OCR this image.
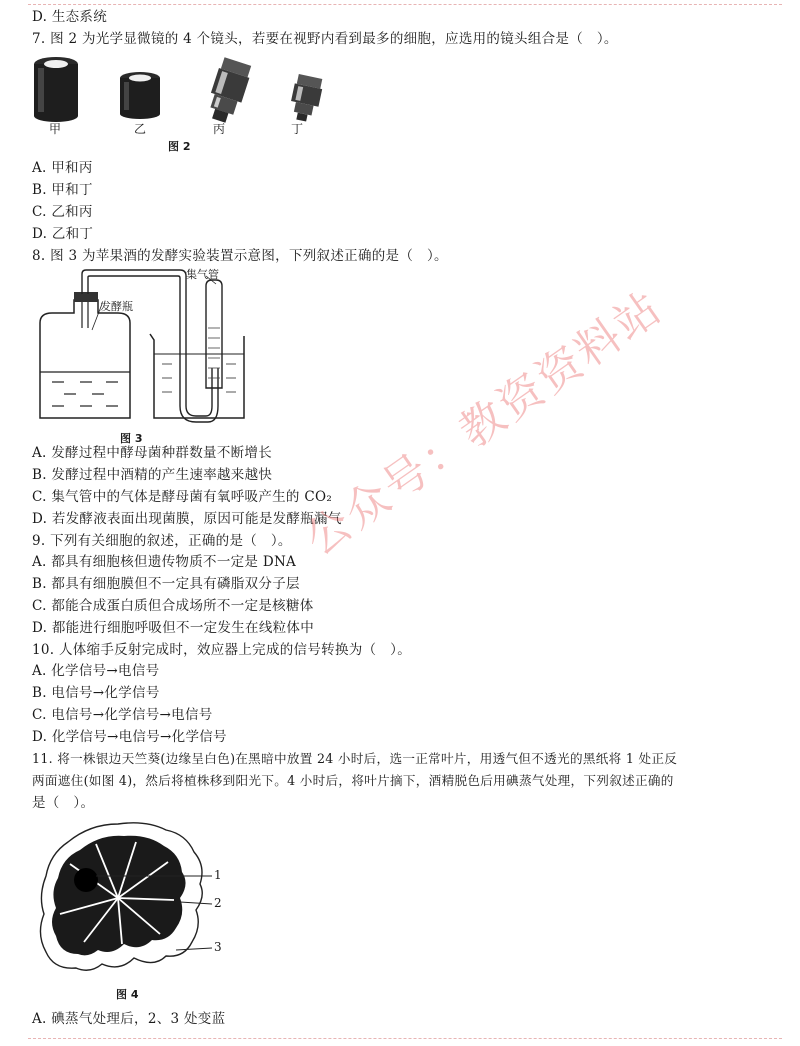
D. 生态系统
7. 图 2 为光学显微镜的 4 个镜头，若要在视野内看到最多的细胞，应选用的镜头组合是（　）。
甲	乙	丙	丁
图 2
A. 甲和丙
B. 甲和丁
C. 乙和丙
D. 乙和丁
8. 图 3 为苹果酒的发酵实验装置示意图，下列叙述正确的是（　）。
集气管
发酵瓶
图 3
A. 发酵过程中酵母菌种群数量不断增长
B. 发酵过程中酒精的产生速率越来越快
C. 集气管中的气体是酵母菌有氧呼吸产生的 CO₂
D. 若发酵液表面出现菌膜，原因可能是发酵瓶漏气
9. 下列有关细胞的叙述，正确的是（　）。
A. 都具有细胞核但遗传物质不一定是 DNA
B. 都具有细胞膜但不一定具有磷脂双分子层
C. 都能合成蛋白质但合成场所不一定是核糖体
D. 都能进行细胞呼吸但不一定发生在线粒体中
10. 人体缩手反射完成时，效应器上完成的信号转换为（　）。
A. 化学信号→电信号
B. 电信号→化学信号
C. 电信号→化学信号→电信号
D. 化学信号→电信号→化学信号
11. 将一株银边天竺葵(边缘呈白色)在黑暗中放置 24 小时后，选一正常叶片，用透气但不透光的黑纸将 1 处正反
两面遮住(如图 4)，然后将植株移到阳光下。4 小时后，将叶片摘下，酒精脱色后用碘蒸气处理，下列叙述正确的
是（　）。
1
2
3
图 4
A. 碘蒸气处理后，2、3 处变蓝
公众号：教资资料站
